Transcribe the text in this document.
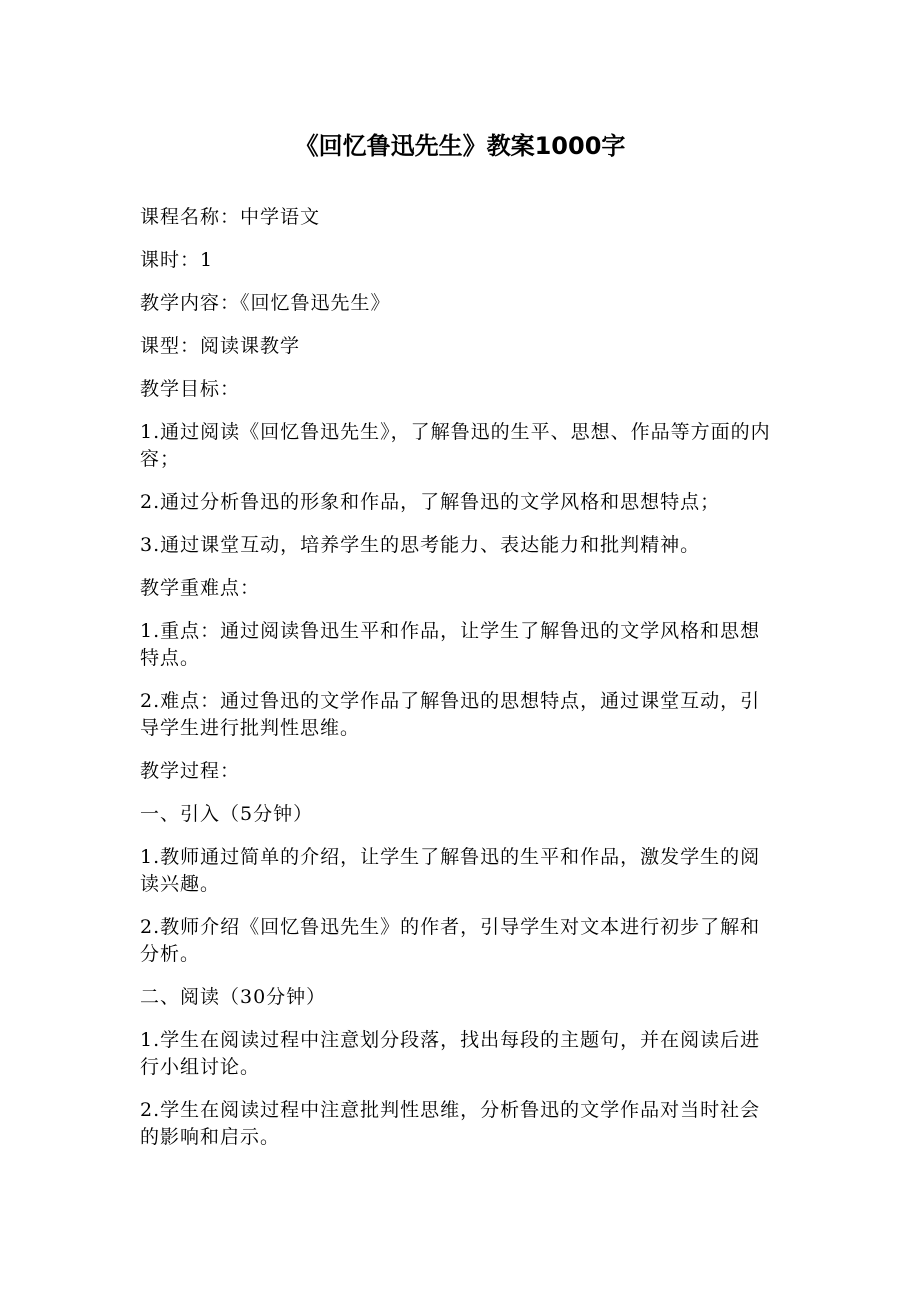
《回忆鲁迅先生》教案1000字

课程名称：中学语文

课时：1

教学内容：《回忆鲁迅先生》

课型：阅读课教学

教学目标：

1.通过阅读《回忆鲁迅先生》，了解鲁迅的生平、思想、作品等方面的内容；

2.通过分析鲁迅的形象和作品，了解鲁迅的文学风格和思想特点；

3.通过课堂互动，培养学生的思考能力、表达能力和批判精神。

教学重难点：

1.重点：通过阅读鲁迅生平和作品，让学生了解鲁迅的文学风格和思想特点。

2.难点：通过鲁迅的文学作品了解鲁迅的思想特点，通过课堂互动，引导学生进行批判性思维。

教学过程：

一、引入（5分钟）

1.教师通过简单的介绍，让学生了解鲁迅的生平和作品，激发学生的阅读兴趣。

2.教师介绍《回忆鲁迅先生》的作者，引导学生对文本进行初步了解和分析。

二、阅读（30分钟）

1.学生在阅读过程中注意划分段落，找出每段的主题句，并在阅读后进行小组讨论。

2.学生在阅读过程中注意批判性思维，分析鲁迅的文学作品对当时社会的影响和启示。
